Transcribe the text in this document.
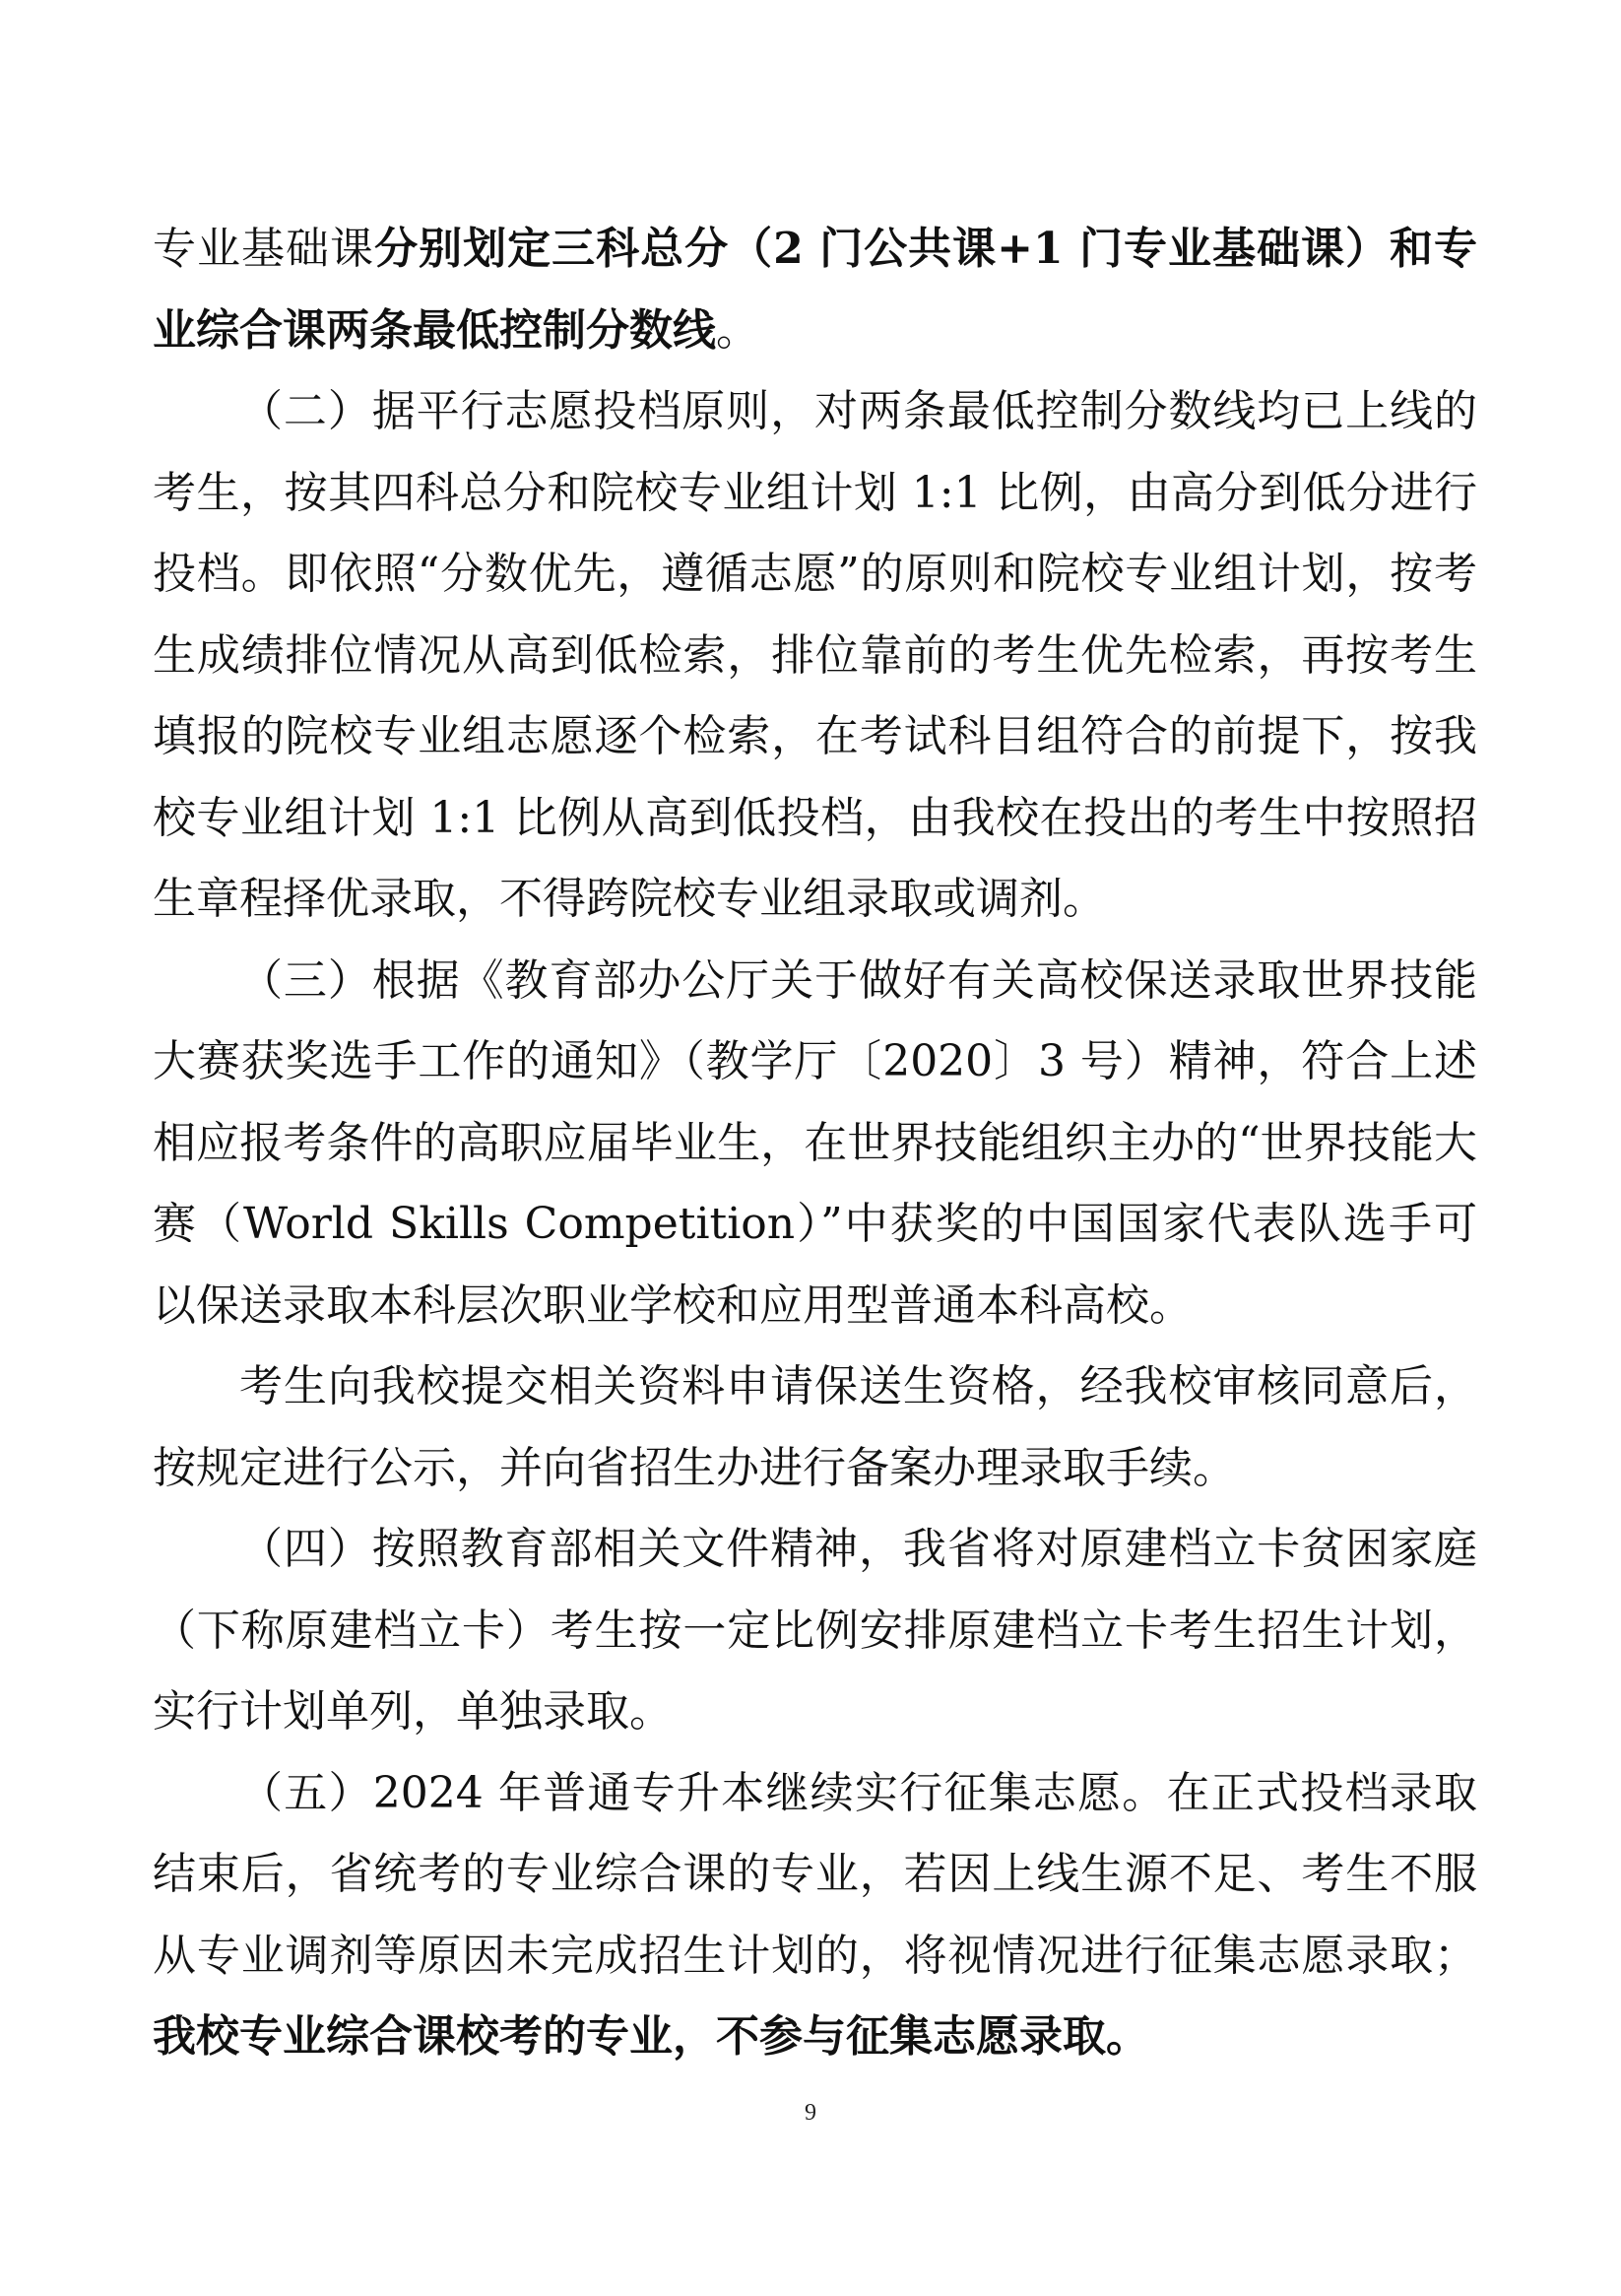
专业基础课分别划定三科总分（2 门公共课+1 门专业基础课）和专业综合课两条最低控制分数线。

（二）据平行志愿投档原则，对两条最低控制分数线均已上线的考生，按其四科总分和院校专业组计划 1:1 比例，由高分到低分进行投档。即依照“分数优先，遵循志愿”的原则和院校专业组计划，按考生成绩排位情况从高到低检索，排位靠前的考生优先检索，再按考生填报的院校专业组志愿逐个检索，在考试科目组符合的前提下，按我校专业组计划 1:1 比例从高到低投档，由我校在投出的考生中按照招生章程择优录取，不得跨院校专业组录取或调剂。

（三）根据《教育部办公厅关于做好有关高校保送录取世界技能大赛获奖选手工作的通知》（教学厅〔2020〕3 号）精神，符合上述相应报考条件的高职应届毕业生，在世界技能组织主办的“世界技能大赛（World Skills Competition）”中获奖的中国国家代表队选手可以保送录取本科层次职业学校和应用型普通本科高校。

考生向我校提交相关资料申请保送生资格，经我校审核同意后，按规定进行公示，并向省招生办进行备案办理录取手续。

（四）按照教育部相关文件精神，我省将对原建档立卡贫困家庭（下称原建档立卡）考生按一定比例安排原建档立卡考生招生计划，实行计划单列，单独录取。

（五）2024 年普通专升本继续实行征集志愿。在正式投档录取结束后，省统考的专业综合课的专业，若因上线生源不足、考生不服从专业调剂等原因未完成招生计划的，将视情况进行征集志愿录取；我校专业综合课校考的专业，不参与征集志愿录取。

9
